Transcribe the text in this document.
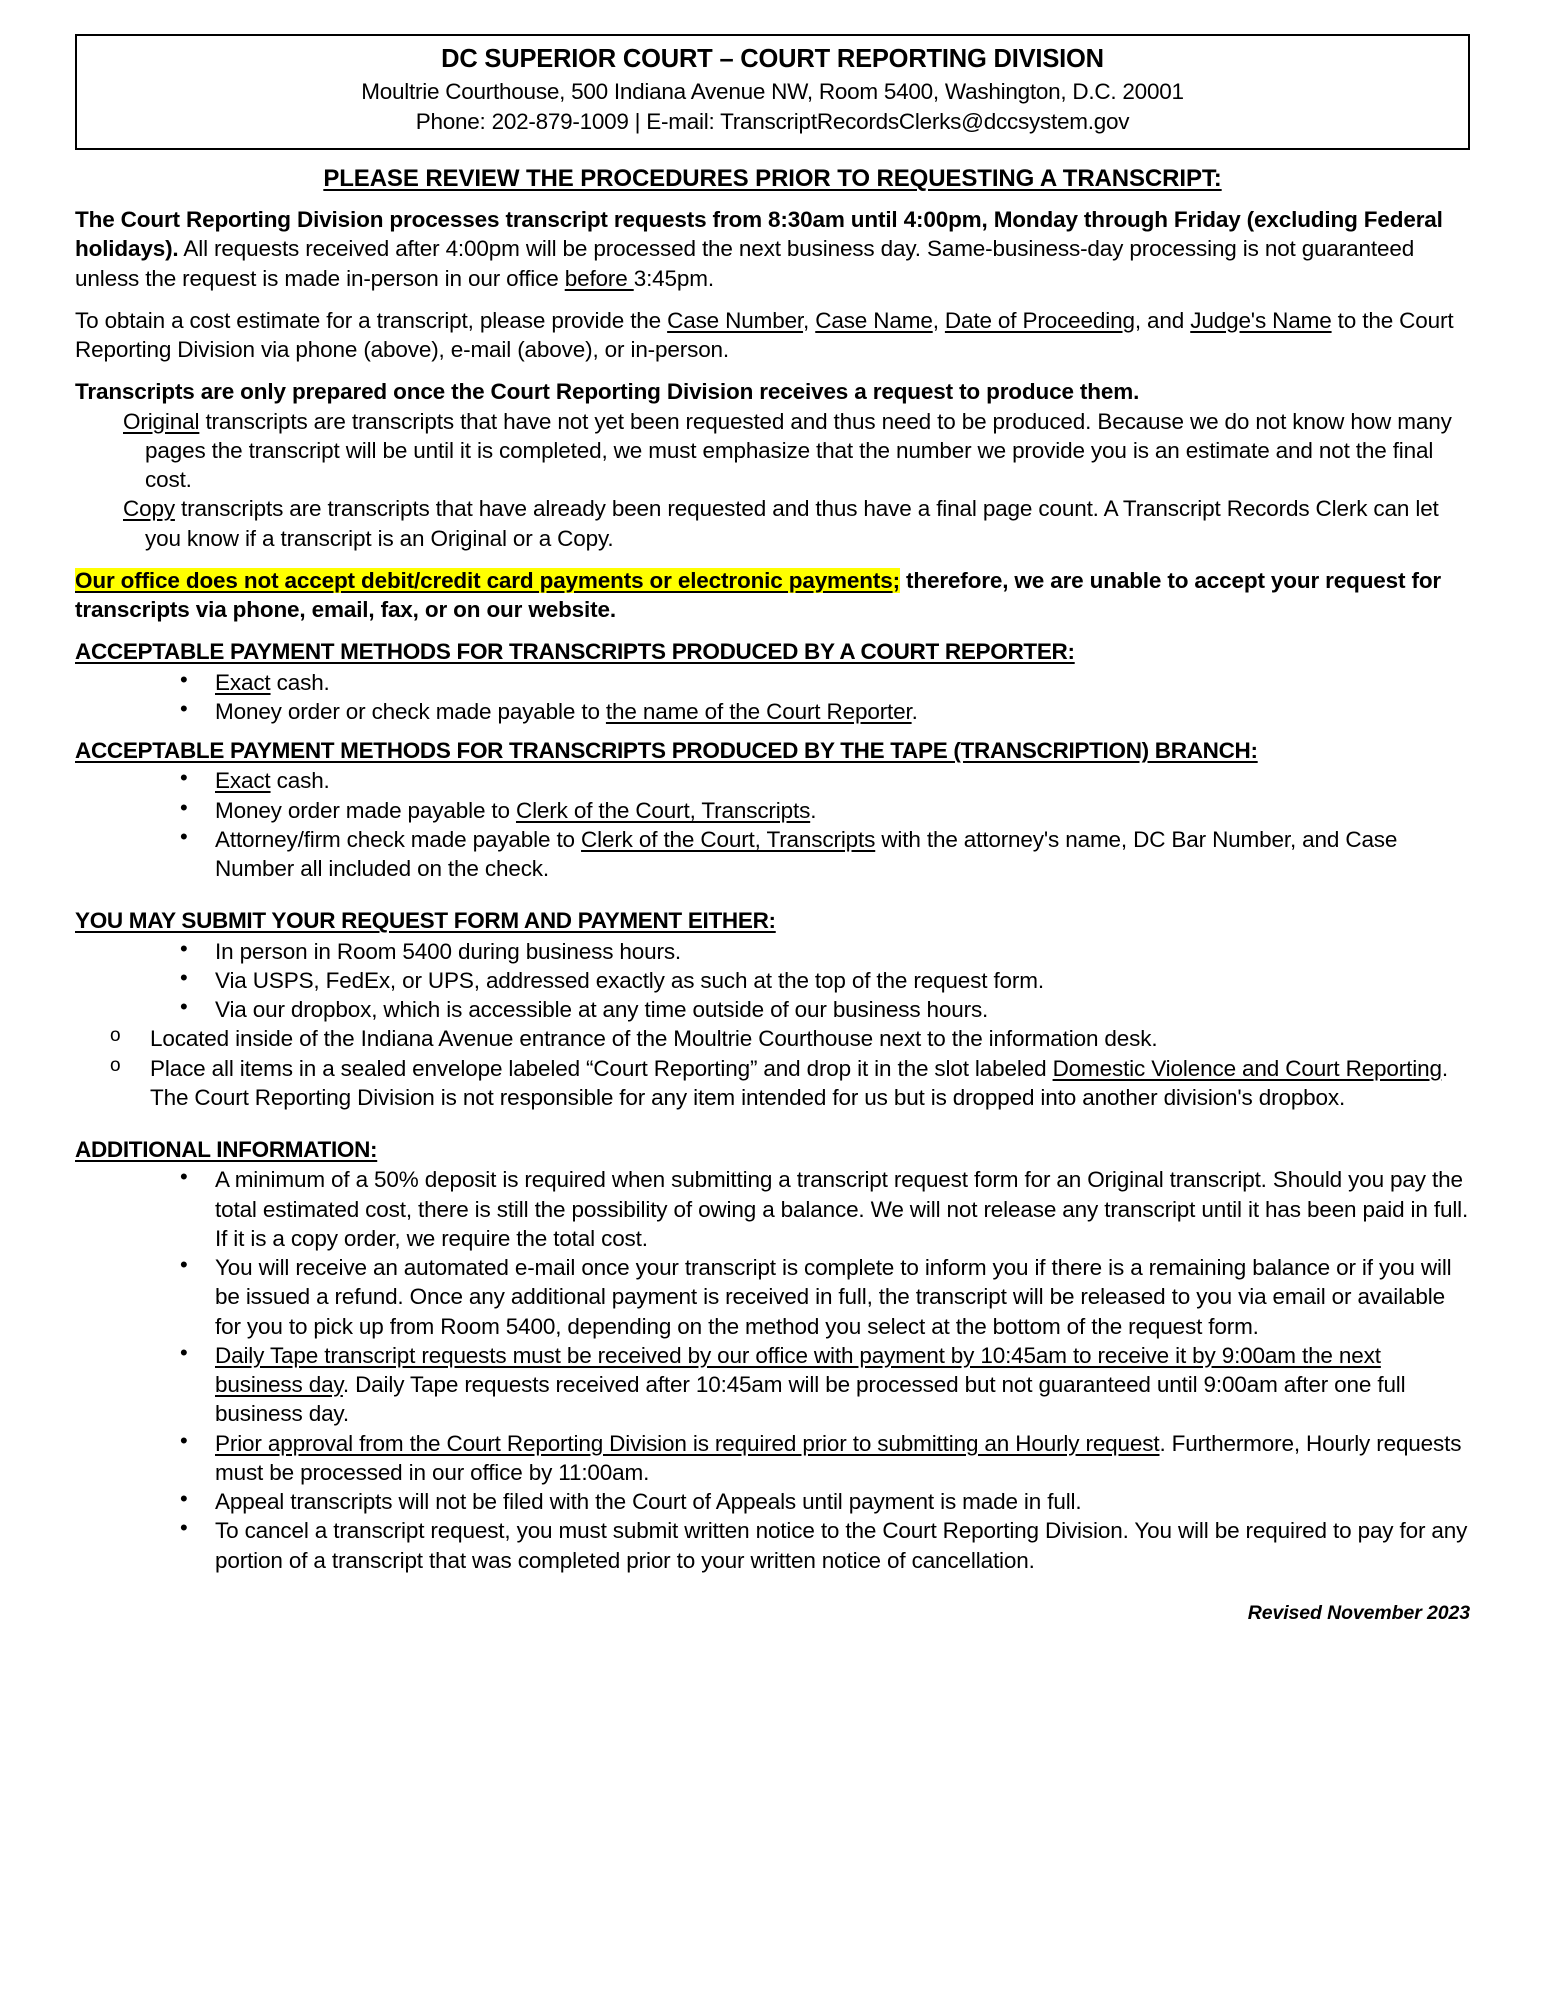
DC SUPERIOR COURT – COURT REPORTING DIVISION
Moultrie Courthouse, 500 Indiana Avenue NW, Room 5400, Washington, D.C. 20001
Phone: 202-879-1009 | E-mail: TranscriptRecordsClerks@dccsystem.gov
PLEASE REVIEW THE PROCEDURES PRIOR TO REQUESTING A TRANSCRIPT:

The Court Reporting Division processes transcript requests from 8:30am until 4:00pm, Monday through Friday (excluding Federal holidays). All requests received after 4:00pm will be processed the next business day. Same-business-day processing is not guaranteed unless the request is made in-person in our office before 3:45pm.

To obtain a cost estimate for a transcript, please provide the Case Number, Case Name, Date of Proceeding, and Judge's Name to the Court Reporting Division via phone (above), e-mail (above), or in-person.

Transcripts are only prepared once the Court Reporting Division receives a request to produce them.

Original transcripts are transcripts that have not yet been requested and thus need to be produced. Because we do not know how many pages the transcript will be until it is completed, we must emphasize that the number we provide you is an estimate and not the final cost.
Copy transcripts are transcripts that have already been requested and thus have a final page count. A Transcript Records Clerk can let you know if a transcript is an Original or a Copy.

Our office does not accept debit/credit card payments or electronic payments; therefore, we are unable to accept your request for transcripts via phone, email, fax, or on our website.

ACCEPTABLE PAYMENT METHODS FOR TRANSCRIPTS PRODUCED BY A COURT REPORTER:
• Exact cash.
• Money order or check made payable to the name of the Court Reporter.
ACCEPTABLE PAYMENT METHODS FOR TRANSCRIPTS PRODUCED BY THE TAPE (TRANSCRIPTION) BRANCH:
• Exact cash.
• Money order made payable to Clerk of the Court, Transcripts.
• Attorney/firm check made payable to Clerk of the Court, Transcripts with the attorney's name, DC Bar Number, and Case Number all included on the check.
YOU MAY SUBMIT YOUR REQUEST FORM AND PAYMENT EITHER:
• In person in Room 5400 during business hours.
• Via USPS, FedEx, or UPS, addressed exactly as such at the top of the request form.
• Via our dropbox, which is accessible at any time outside of our business hours.
o Located inside of the Indiana Avenue entrance of the Moultrie Courthouse next to the information desk.
o Place all items in a sealed envelope labeled “Court Reporting” and drop it in the slot labeled Domestic Violence and Court Reporting. The Court Reporting Division is not responsible for any item intended for us but is dropped into another division's dropbox.
ADDITIONAL INFORMATION:
• A minimum of a 50% deposit is required when submitting a transcript request form for an Original transcript. Should you pay the total estimated cost, there is still the possibility of owing a balance. We will not release any transcript until it has been paid in full. If it is a copy order, we require the total cost.
• You will receive an automated e-mail once your transcript is complete to inform you if there is a remaining balance or if you will be issued a refund. Once any additional payment is received in full, the transcript will be released to you via email or available for you to pick up from Room 5400, depending on the method you select at the bottom of the request form.
• Daily Tape transcript requests must be received by our office with payment by 10:45am to receive it by 9:00am the next business day. Daily Tape requests received after 10:45am will be processed but not guaranteed until 9:00am after one full business day.
• Prior approval from the Court Reporting Division is required prior to submitting an Hourly request. Furthermore, Hourly requests must be processed in our office by 11:00am.
• Appeal transcripts will not be filed with the Court of Appeals until payment is made in full.
• To cancel a transcript request, you must submit written notice to the Court Reporting Division. You will be required to pay for any portion of a transcript that was completed prior to your written notice of cancellation.
Revised November 2023
